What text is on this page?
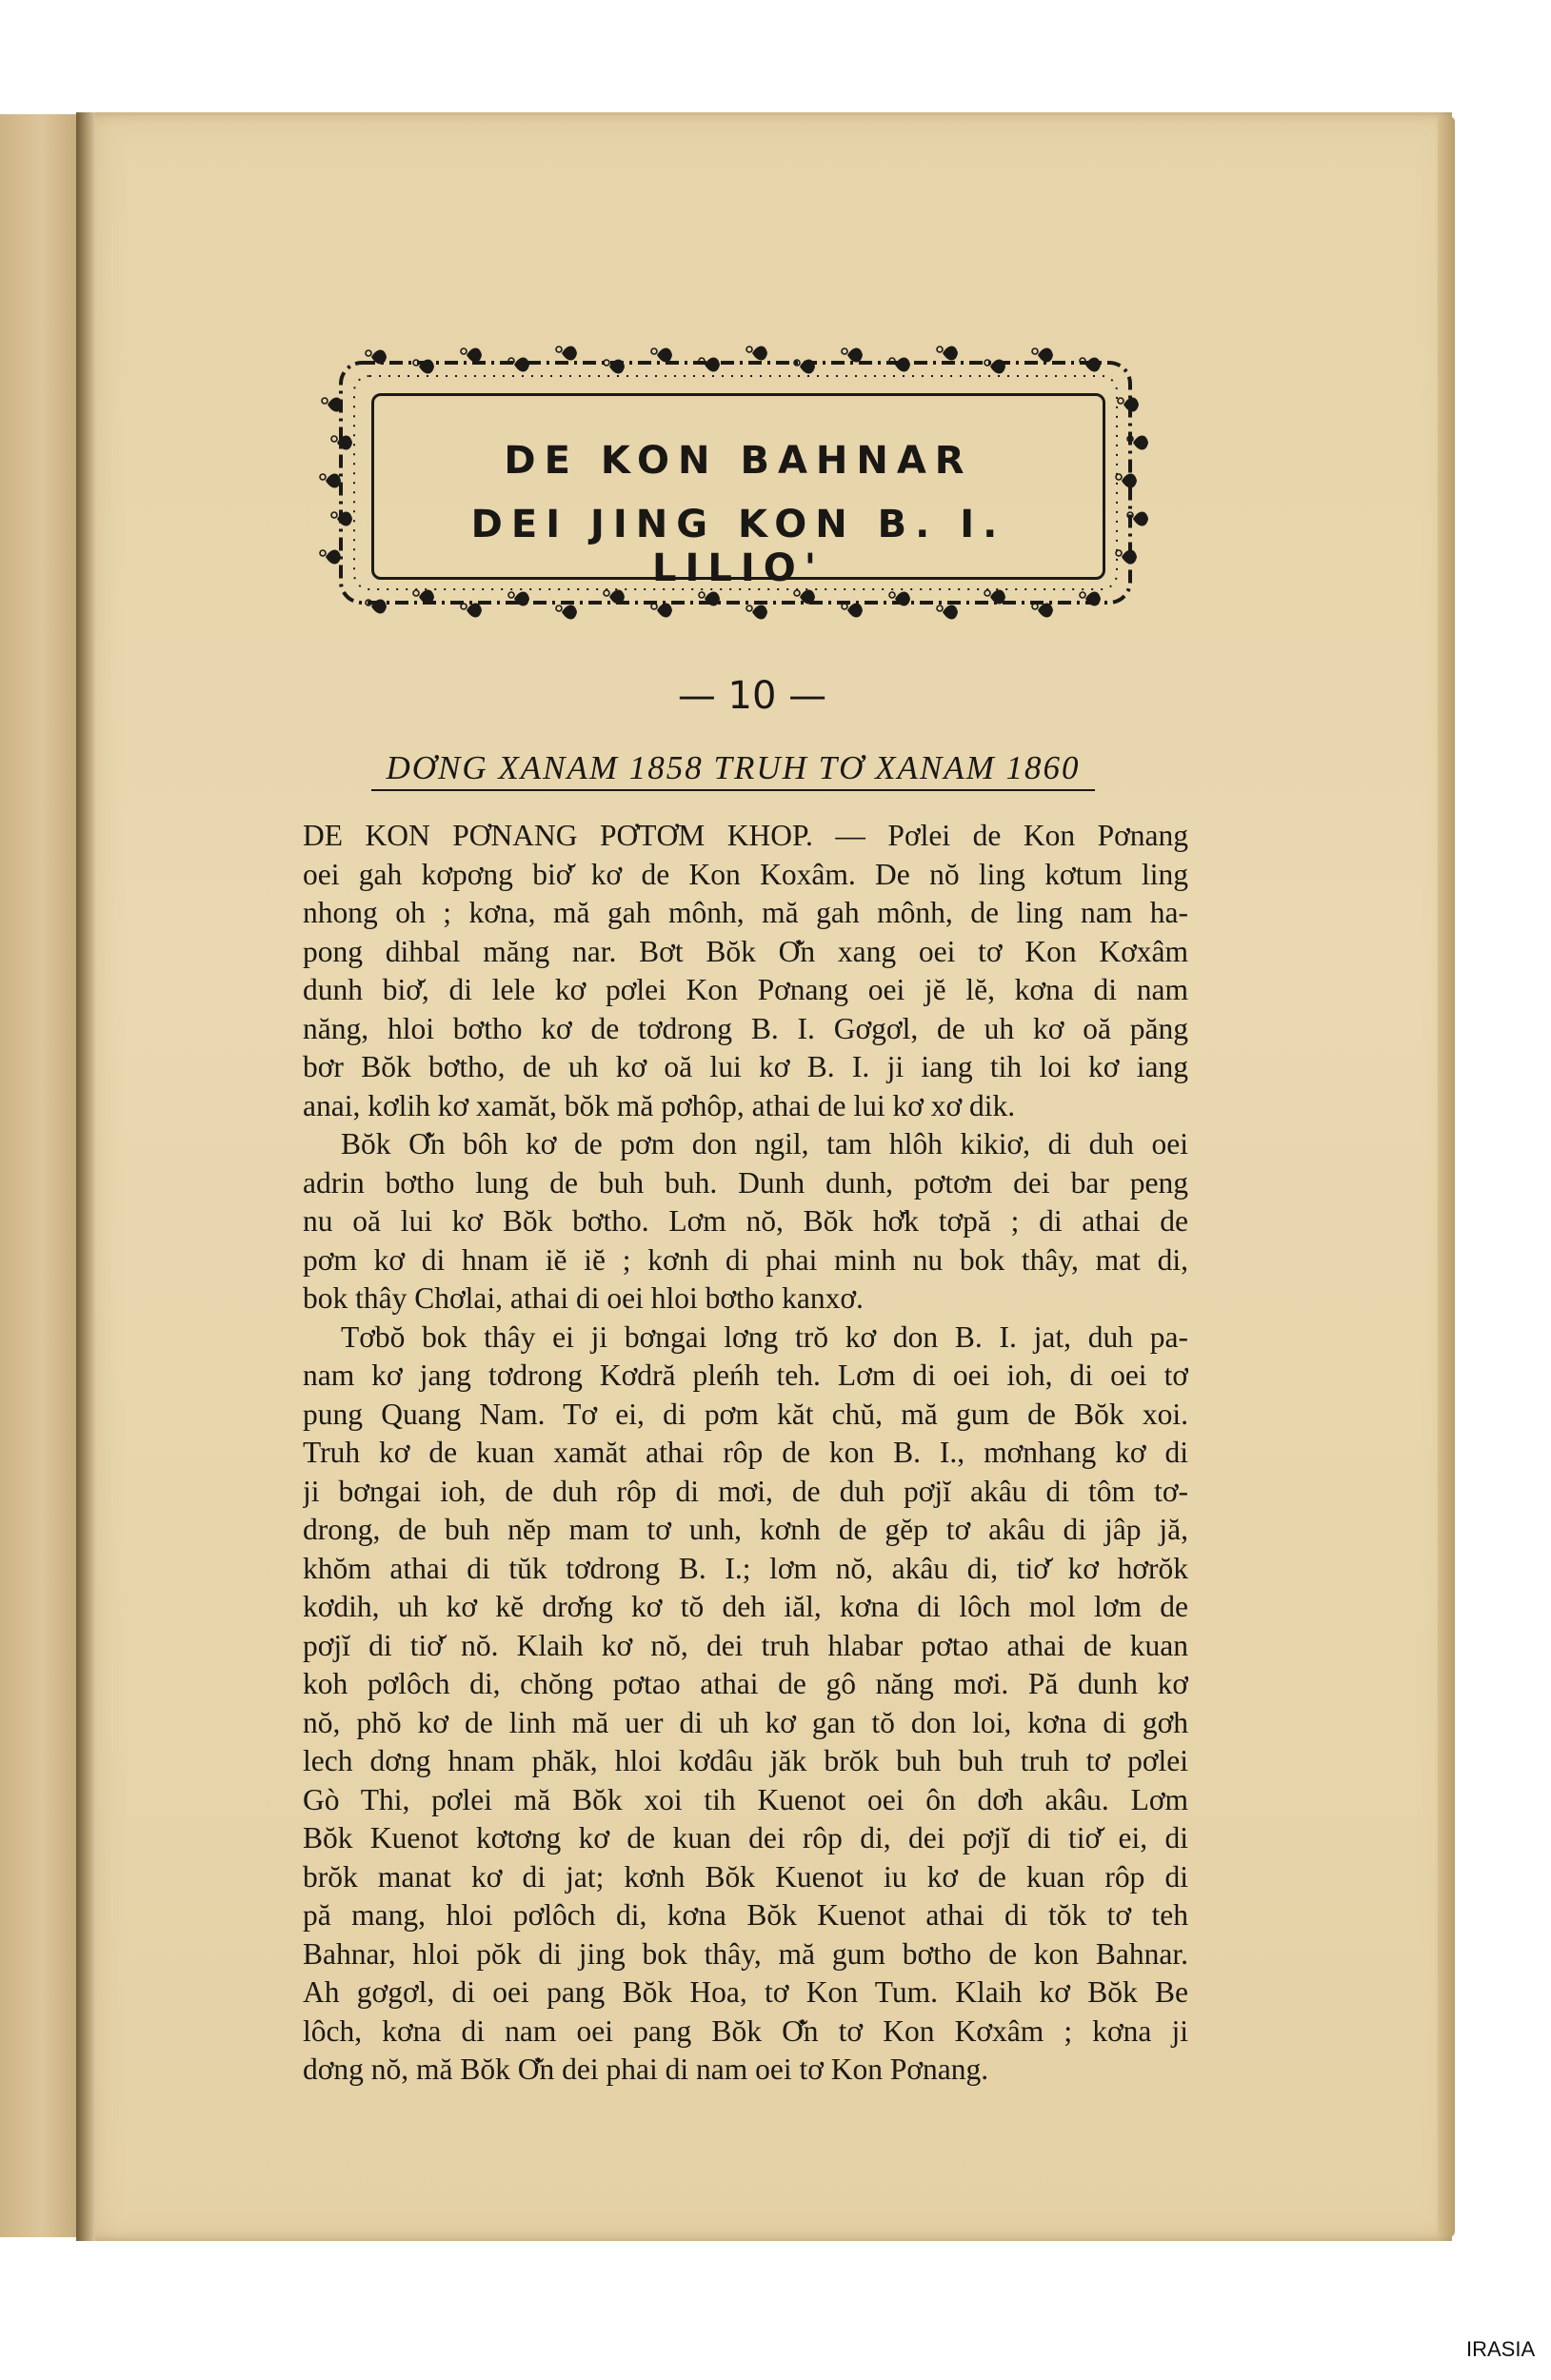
DE KON BAHNAR
DEI JING KON B. I. LILIO'
— 10 —
DƠNG XANAM 1858 TRUH TƠ XANAM 1860
DE KON PƠNANG PƠTƠM KHOP. — Pơlei de Kon Pơnang
oei gah kơpơng biơ̆ kơ de Kon Koxâm. De nŏ ling kơtum ling
nhong oh ; kơna, mă gah mônh, mă gah mônh, de ling nam ha-
pong dihbal măng nar. Bơt Bŏk Ơ̆n xang oei tơ Kon Kơxâm
dunh biơ̆, di lele kơ pơlei Kon Pơnang oei jĕ lĕ, kơna di nam
năng, hloi bơtho kơ de tơdrong B. I. Gơgơl, de uh kơ oă păng
bơr Bŏk bơtho, de uh kơ oă lui kơ B. I. ji iang tih loi kơ iang
anai, kơlih kơ xamăt, bŏk mă pơhôp, athai de lui kơ xơ dik.
Bŏk Ơ̆n bôh kơ de pơm don ngil, tam hlôh kikiơ, di duh oei
adrin bơtho lung de buh buh. Dunh dunh, pơtơm dei bar peng
nu oă lui kơ Bŏk bơtho. Lơm nŏ, Bŏk hơ̆k tơpă ; di athai de
pơm kơ di hnam iĕ iĕ ; kơnh di phai minh nu bok thây, mat di,
bok thây Chơlai, athai di oei hloi bơtho kanxơ.
Tơbŏ bok thây ei ji bơngai lơng trŏ kơ don B. I. jat, duh pa-
nam kơ jang tơdrong Kơdră pleńh teh. Lơm di oei ioh, di oei tơ
pung Quang Nam. Tơ ei, di pơm kăt chŭ, mă gum de Bŏk xoi.
Truh kơ de kuan xamăt athai rôp de kon B. I., mơnhang kơ di
ji bơngai ioh, de duh rôp di mơi, de duh pơjĭ akâu di tôm tơ-
drong, de buh nĕp mam tơ unh, kơnh de gĕp tơ akâu di jâp jă,
khŏm athai di tŭk tơdrong B. I.; lơm nŏ, akâu di, tiơ̆ kơ hơrŏk
kơdih, uh kơ kĕ drơ̆ng kơ tŏ deh iăl, kơna di lôch mol lơm de
pơjĭ di tiơ̆ nŏ. Klaih kơ nŏ, dei truh hlabar pơtao athai de kuan
koh pơlôch di, chŏng pơtao athai de gô năng mơi. Pă dunh kơ
nŏ, phŏ kơ de linh mă uer di uh kơ gan tŏ don loi, kơna di gơh
lech dơng hnam phăk, hloi kơdâu jăk brŏk buh buh truh tơ pơlei
Gò Thi, pơlei mă Bŏk xoi tih Kuenot oei ôn dơh akâu. Lơm
Bŏk Kuenot kơtơng kơ de kuan dei rôp di, dei pơjĭ di tiơ̆ ei, di
brŏk manat kơ di jat; kơnh Bŏk Kuenot iu kơ de kuan rôp di
pă mang, hloi pơlôch di, kơna Bŏk Kuenot athai di tŏk tơ teh
Bahnar, hloi pŏk di jing bok thây, mă gum bơtho de kon Bahnar.
Ah gơgơl, di oei pang Bŏk Hoa, tơ Kon Tum. Klaih kơ Bŏk Be
lôch, kơna di nam oei pang Bŏk Ơ̆n tơ Kon Kơxâm ; kơna ji
dơng nŏ, mă Bŏk Ơ̆n dei phai di nam oei tơ Kon Pơnang.
IRASIA
